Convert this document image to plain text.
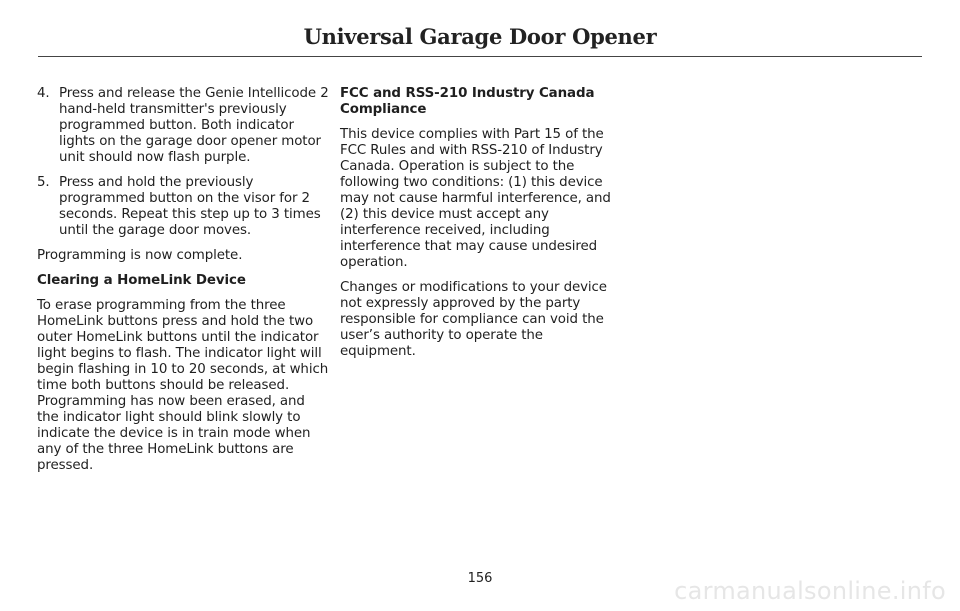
Universal Garage Door Opener
4. Press and release the Genie Intellicode 2 hand-held transmitter's previously programmed button. Both indicator lights on the garage door opener motor unit should now flash purple.
5. Press and hold the previously programmed button on the visor for 2 seconds. Repeat this step up to 3 times until the garage door moves.

Programming is now complete.

Clearing a HomeLink Device

To erase programming from the three HomeLink buttons press and hold the two outer HomeLink buttons until the indicator light begins to flash. The indicator light will begin flashing in 10 to 20 seconds, at which time both buttons should be released. Programming has now been erased, and the indicator light should blink slowly to indicate the device is in train mode when any of the three HomeLink buttons are pressed.

FCC and RSS-210 Industry Canada Compliance

This device complies with Part 15 of the FCC Rules and with RSS-210 of Industry Canada. Operation is subject to the following two conditions: (1) this device may not cause harmful interference, and (2) this device must accept any interference received, including interference that may cause undesired operation.

Changes or modifications to your device not expressly approved by the party responsible for compliance can void the user’s authority to operate the equipment.

156	carmanualsonline.info
